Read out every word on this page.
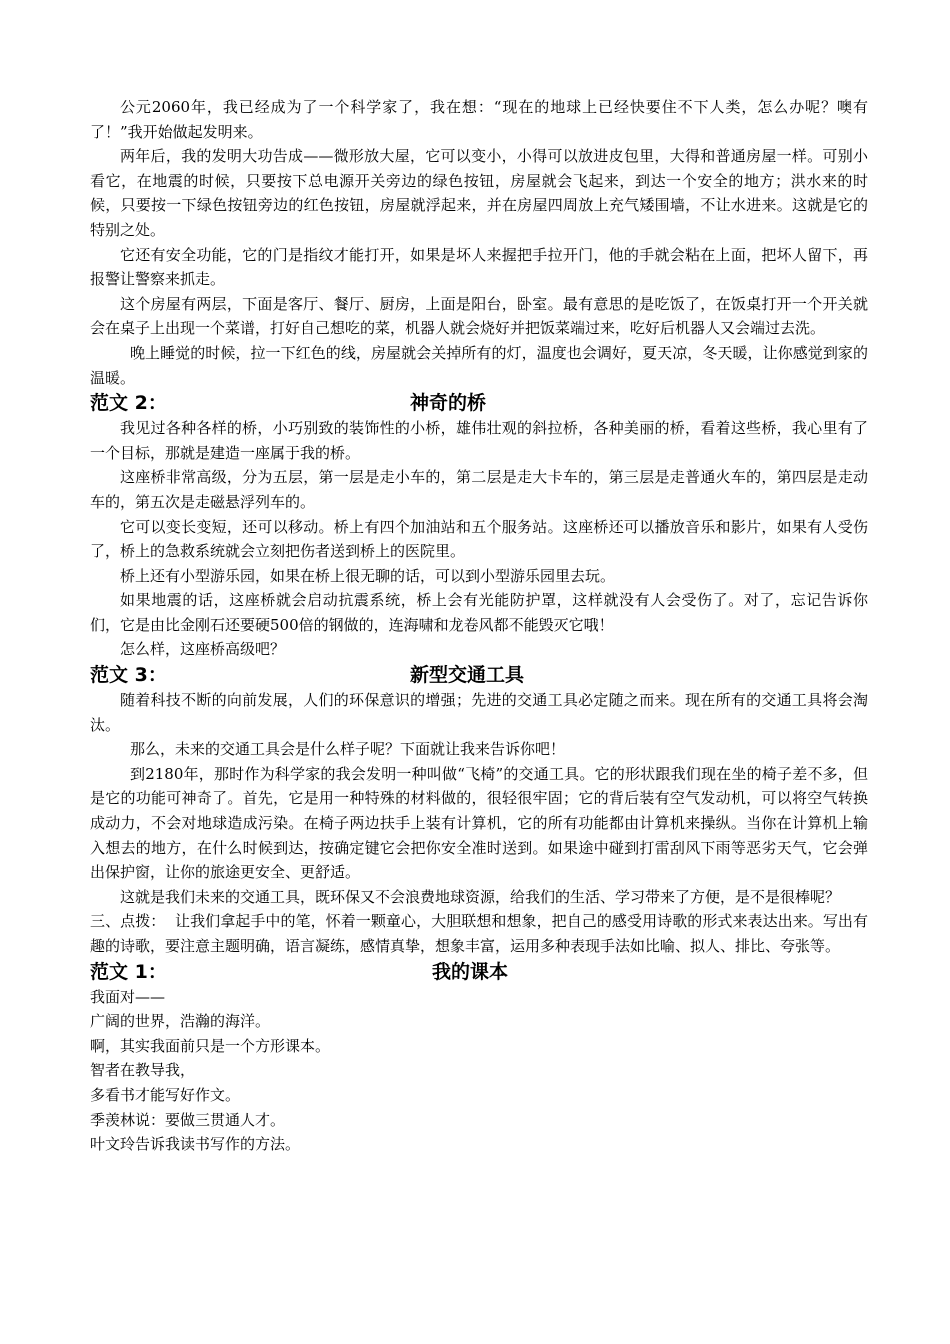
公元2060年，我已经成为了一个科学家了，我在想：“现在的地球上已经快要住不下人类，怎么办呢？噢有了！”我开始做起发明来。

两年后，我的发明大功告成——微形放大屋，它可以变小，小得可以放进皮包里，大得和普通房屋一样。可别小看它，在地震的时候，只要按下总电源开关旁边的绿色按钮，房屋就会飞起来，到达一个安全的地方；洪水来的时候，只要按一下绿色按钮旁边的红色按钮，房屋就浮起来，并在房屋四周放上充气矮围墙，不让水进来。这就是它的特别之处。

它还有安全功能，它的门是指纹才能打开，如果是坏人来握把手拉开门，他的手就会粘在上面，把坏人留下，再报警让警察来抓走。

这个房屋有两层，下面是客厅、餐厅、厨房，上面是阳台，卧室。最有意思的是吃饭了，在饭桌打开一个开关就会在桌子上出现一个菜谱，打好自己想吃的菜，机器人就会烧好并把饭菜端过来，吃好后机器人又会端过去洗。

晚上睡觉的时候，拉一下红色的线，房屋就会关掉所有的灯，温度也会调好，夏天凉，冬天暖，让你感觉到家的温暖。

范文 2：	神奇的桥

我见过各种各样的桥，小巧别致的装饰性的小桥，雄伟壮观的斜拉桥，各种美丽的桥，看着这些桥，我心里有了一个目标，那就是建造一座属于我的桥。

这座桥非常高级，分为五层，第一层是走小车的，第二层是走大卡车的，第三层是走普通火车的，第四层是走动车的，第五次是走磁悬浮列车的。

它可以变长变短，还可以移动。桥上有四个加油站和五个服务站。这座桥还可以播放音乐和影片，如果有人受伤了，桥上的急救系统就会立刻把伤者送到桥上的医院里。

桥上还有小型游乐园，如果在桥上很无聊的话，可以到小型游乐园里去玩。

如果地震的话，这座桥就会启动抗震系统，桥上会有光能防护罩，这样就没有人会受伤了。对了，忘记告诉你们，它是由比金刚石还要硬500倍的钢做的，连海啸和龙卷风都不能毁灭它哦！

怎么样，这座桥高级吧？

范文 3：	新型交通工具

随着科技不断的向前发展，人们的环保意识的增强；先进的交通工具必定随之而来。现在所有的交通工具将会淘汰。

那么，未来的交通工具会是什么样子呢？下面就让我来告诉你吧！

到2180年，那时作为科学家的我会发明一种叫做“飞椅”的交通工具。它的形状跟我们现在坐的椅子差不多，但是它的功能可神奇了。首先，它是用一种特殊的材料做的，很轻很牢固；它的背后装有空气发动机，可以将空气转换成动力，不会对地球造成污染。在椅子两边扶手上装有计算机，它的所有功能都由计算机来操纵。当你在计算机上输入想去的地方，在什么时候到达，按确定键它会把你安全准时送到。如果途中碰到打雷刮风下雨等恶劣天气，它会弹出保护窗，让你的旅途更安全、更舒适。

这就是我们未来的交通工具，既环保又不会浪费地球资源，给我们的生活、学习带来了方便，是不是很棒呢？

三、点拨：  让我们拿起手中的笔，怀着一颗童心，大胆联想和想象，把自己的感受用诗歌的形式来表达出来。写出有趣的诗歌，要注意主题明确，语言凝练，感情真挚，想象丰富，运用多种表现手法如比喻、拟人、排比、夸张等。

范文 1：	我的课本

我面对——

广阔的世界，浩瀚的海洋。

啊，其实我面前只是一个方形课本。

智者在教导我，

多看书才能写好作文。

季羡林说：要做三贯通人才。

叶文玲告诉我读书写作的方法。
